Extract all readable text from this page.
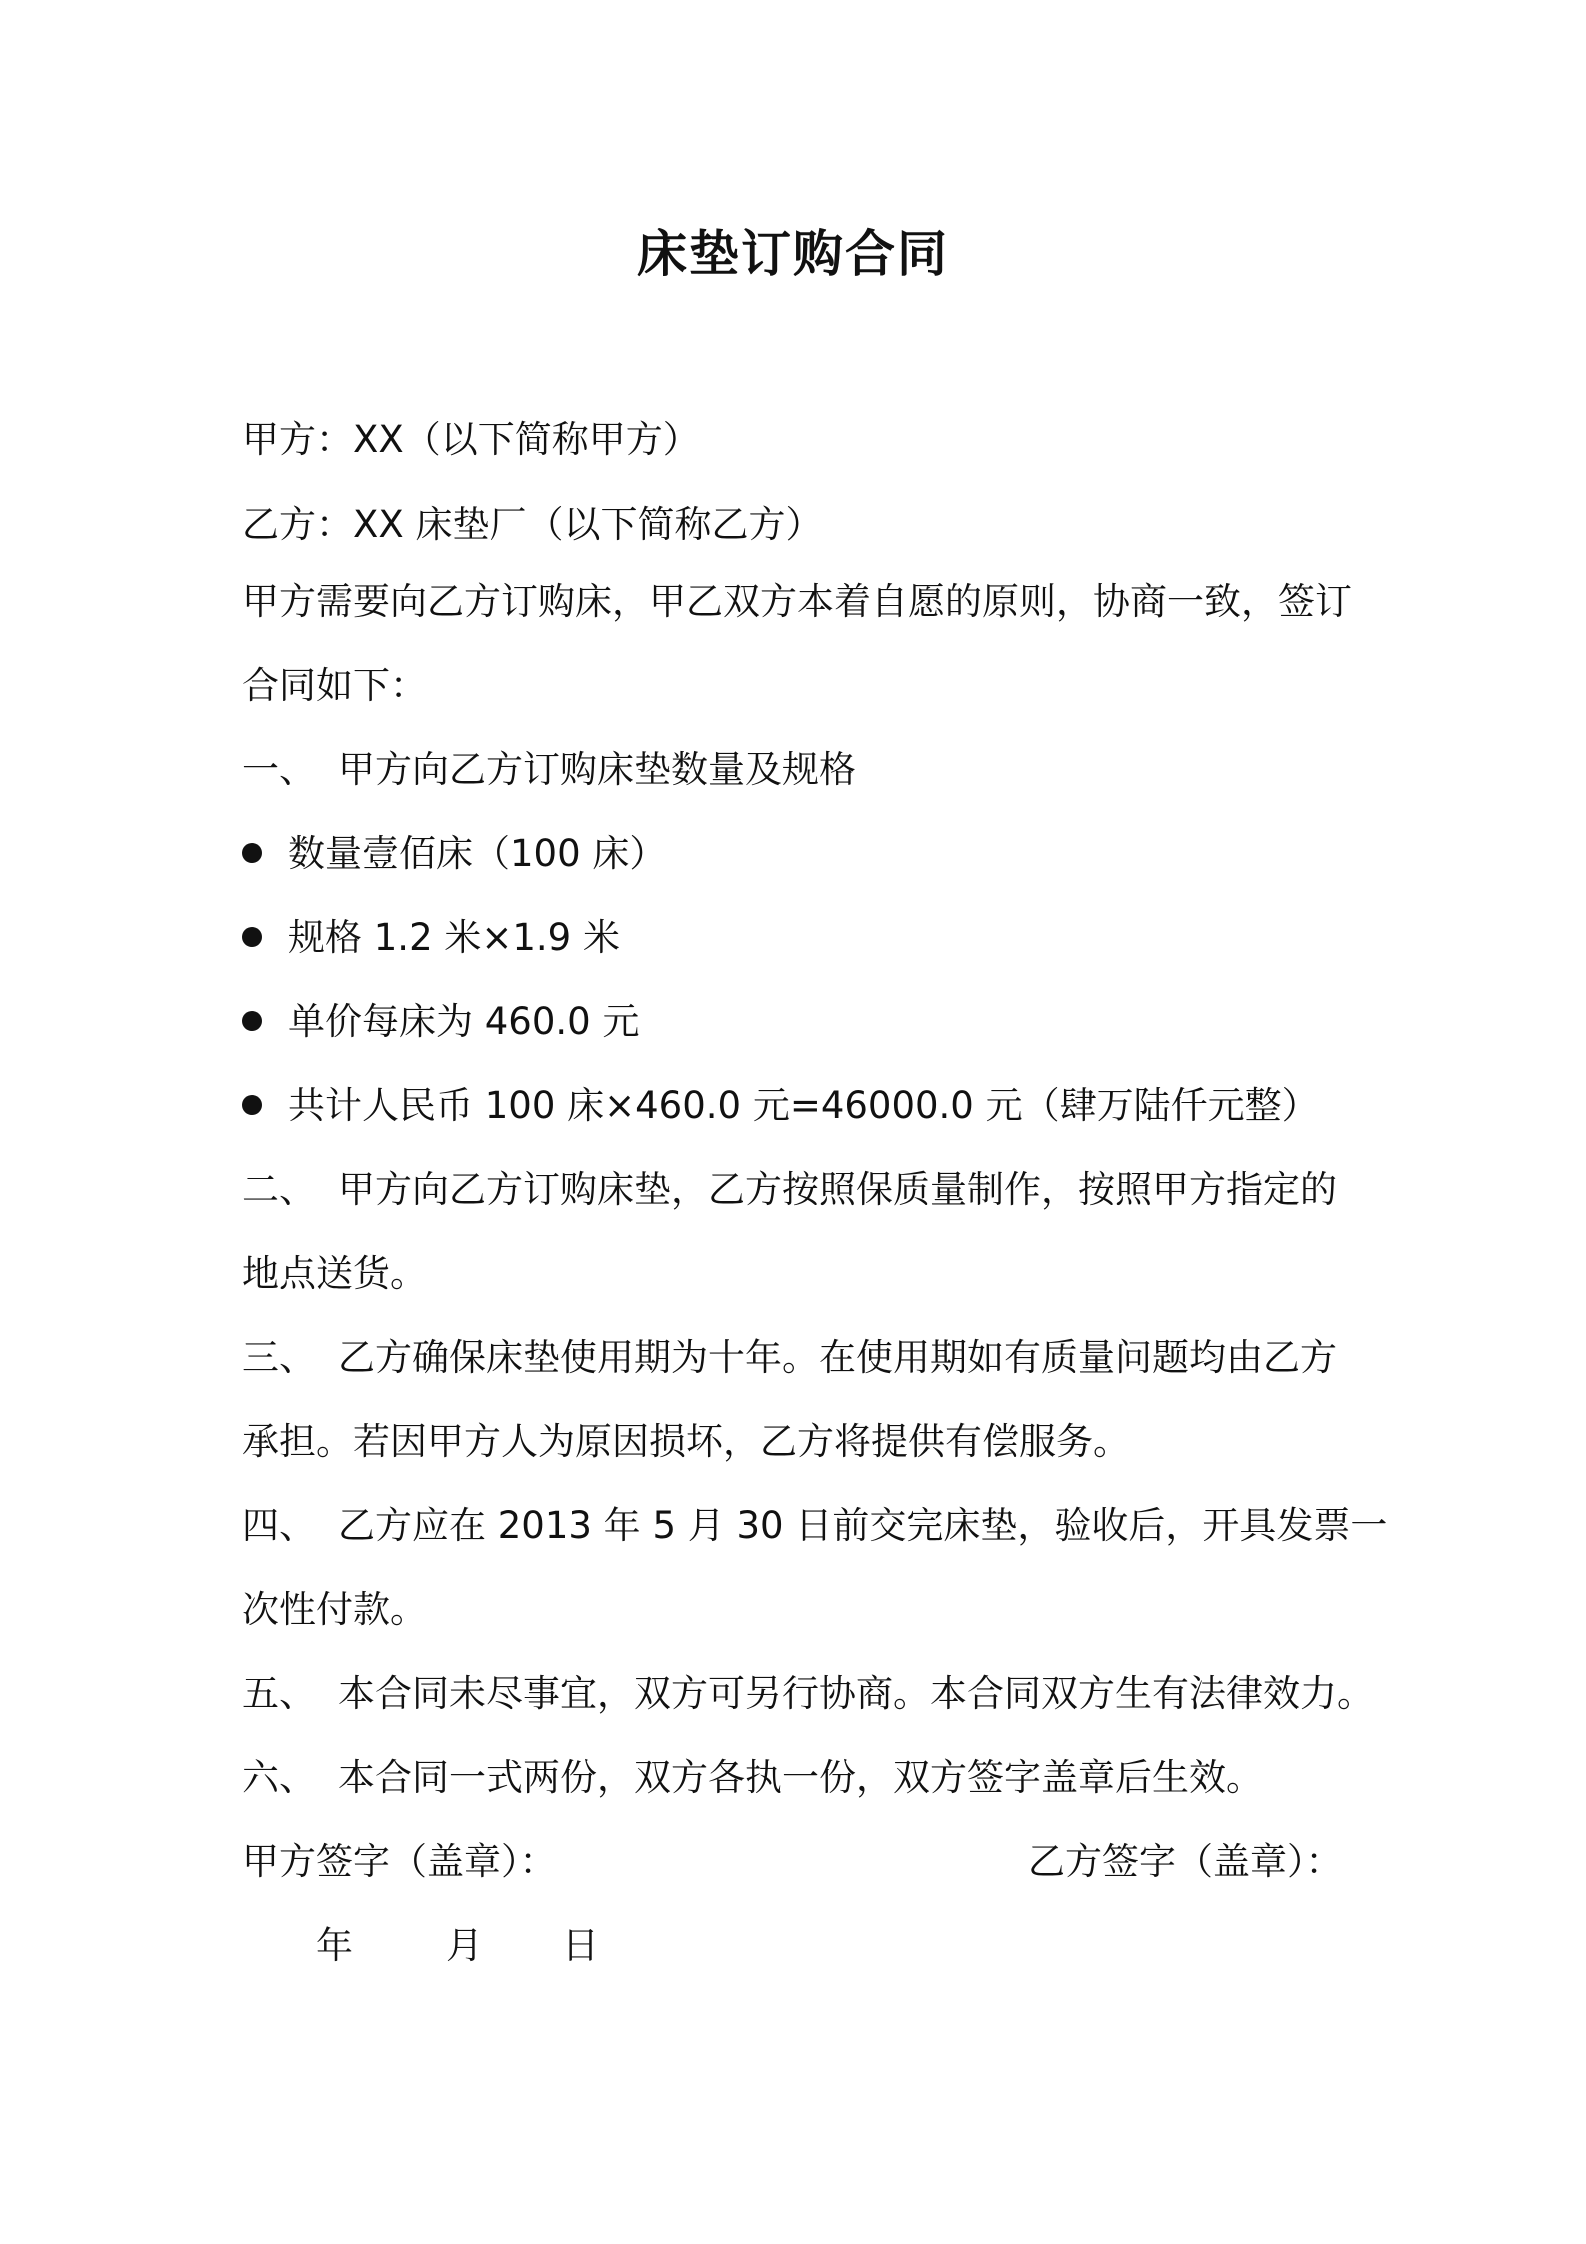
床垫订购合同
甲方：XX（以下简称甲方）
乙方：XX 床垫厂（以下简称乙方）
甲方需要向乙方订购床，甲乙双方本着自愿的原则，协商一致，签订
合同如下：
一、 甲方向乙方订购床垫数量及规格
数量壹佰床（100 床）
规格 1.2 米×1.9 米
单价每床为 460.0 元
共计人民币 100 床×460.0 元=46000.0 元（肆万陆仟元整）
二、 甲方向乙方订购床垫，乙方按照保质量制作，按照甲方指定的
地点送货。
三、 乙方确保床垫使用期为十年。在使用期如有质量问题均由乙方
承担。若因甲方人为原因损坏，乙方将提供有偿服务。
四、 乙方应在 2013 年 5 月 30 日前交完床垫，验收后，开具发票一
次性付款。
五、 本合同未尽事宜，双方可另行协商。本合同双方生有法律效力。
六、 本合同一式两份，双方各执一份，双方签字盖章后生效。
甲方签字（盖章）：	乙方签字（盖章）：
年	月 日
